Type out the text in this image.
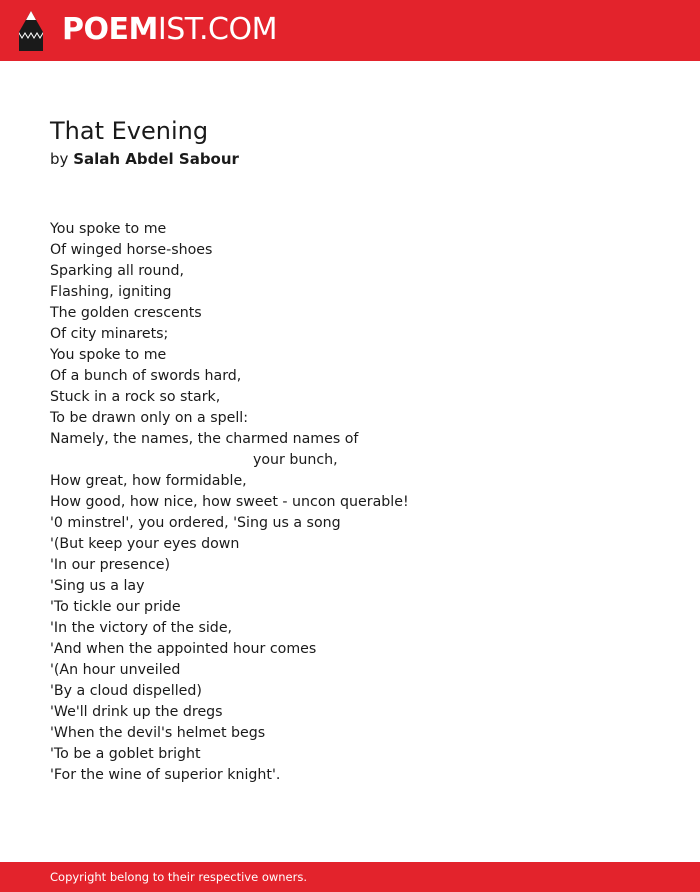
POEMIST.COM
That Evening
by Salah Abdel Sabour
You spoke to me
Of winged horse-shoes
Sparking all round,
Flashing, igniting
The golden crescents
Of city minarets;
You spoke to me
Of a bunch of swords hard,
Stuck in a rock so stark,
To be drawn only on a spell:
Namely, the names, the charmed names of
your bunch,
How great, how formidable,
How good, how nice, how sweet - uncon querable!
'0 minstrel', you ordered, 'Sing us a song
'(But keep your eyes down
'In our presence)
'Sing us a lay
'To tickle our pride
'In the victory of the side,
'And when the appointed hour comes
'(An hour unveiled
'By a cloud dispelled)
'We'll drink up the dregs
'When the devil's helmet begs
'To be a goblet bright
'For the wine of superior knight'.
Copyright belong to their respective owners.
